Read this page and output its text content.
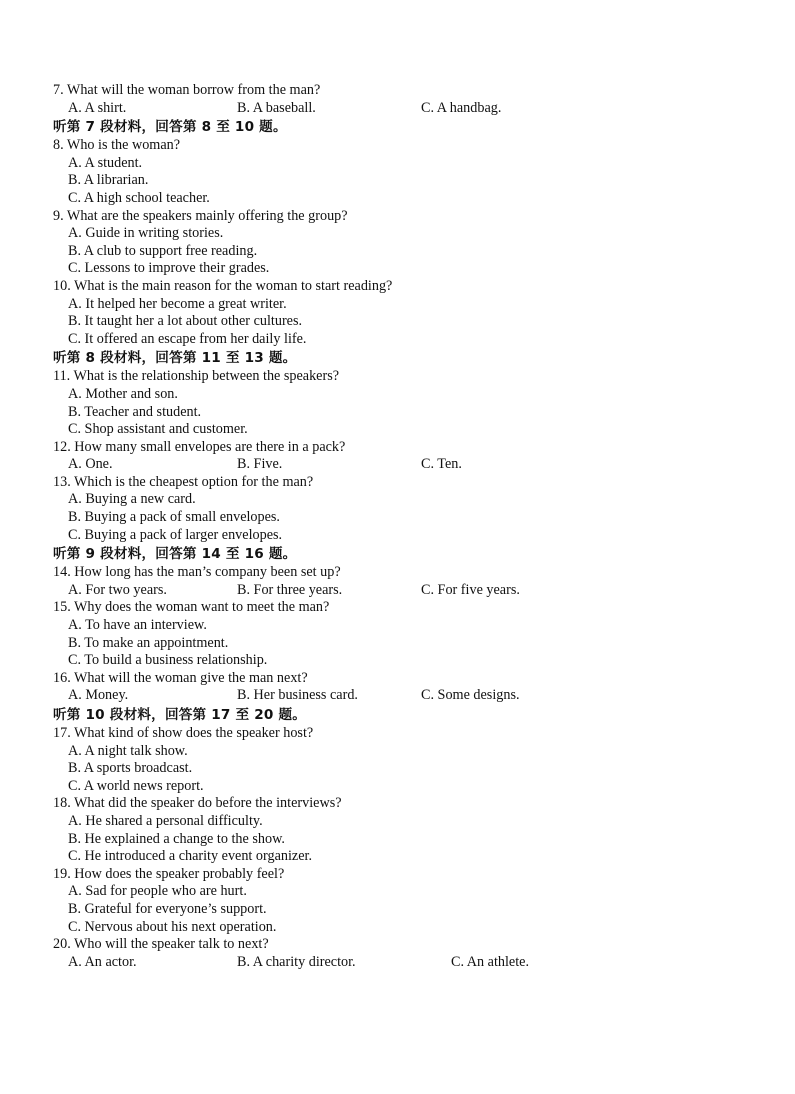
7. What will the woman borrow from the man?
A. A shirt.	B. A baseball.	C. A handbag.
听第 7 段材料，回答第 8 至 10 题。
8. Who is the woman?
A. A student.
B. A librarian.
C. A high school teacher.
9. What are the speakers mainly offering the group?
A. Guide in writing stories.
B. A club to support free reading.
C. Lessons to improve their grades.
10. What is the main reason for the woman to start reading?
A. It helped her become a great writer.
B. It taught her a lot about other cultures.
C. It offered an escape from her daily life.
听第 8 段材料，回答第 11 至 13 题。
11. What is the relationship between the speakers?
A. Mother and son.
B. Teacher and student.
C. Shop assistant and customer.
12. How many small envelopes are there in a pack?
A. One.	B. Five.	C. Ten.
13. Which is the cheapest option for the man?
A. Buying a new card.
B. Buying a pack of small envelopes.
C. Buying a pack of larger envelopes.
听第 9 段材料，回答第 14 至 16 题。
14. How long has the man’s company been set up?
A. For two years.	B. For three years.	C. For five years.
15. Why does the woman want to meet the man?
A. To have an interview.
B. To make an appointment.
C. To build a business relationship.
16. What will the woman give the man next?
A. Money.	B. Her business card.	C. Some designs.
听第 10 段材料，回答第 17 至 20 题。
17. What kind of show does the speaker host?
A. A night talk show.
B. A sports broadcast.
C. A world news report.
18. What did the speaker do before the interviews?
A. He shared a personal difficulty.
B. He explained a change to the show.
C. He introduced a charity event organizer.
19. How does the speaker probably feel?
A. Sad for people who are hurt.
B. Grateful for everyone’s support.
C. Nervous about his next operation.
20. Who will the speaker talk to next?
A. An actor.	B. A charity director.	C. An athlete.
